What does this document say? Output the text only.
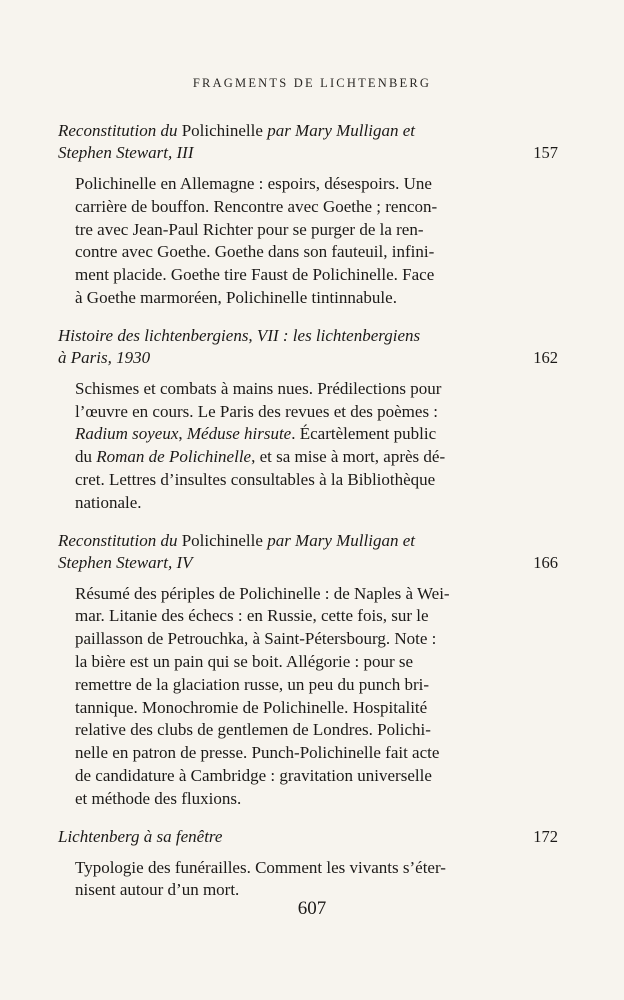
FRAGMENTS DE LICHTENBERG
Reconstitution du Polichinelle par Mary Mulligan et
Stephen Stewart, III	157
Polichinelle en Allemagne : espoirs, désespoirs. Une
carrière de bouffon. Rencontre avec Goethe ; rencon-
tre avec Jean-Paul Richter pour se purger de la ren-
contre avec Goethe. Goethe dans son fauteuil, infini-
ment placide. Goethe tire Faust de Polichinelle. Face
à Goethe marmoréen, Polichinelle tintinnabule.
Histoire des lichtenbergiens, VII : les lichtenbergiens
à Paris, 1930	162
Schismes et combats à mains nues. Prédilections pour
l’œuvre en cours. Le Paris des revues et des poèmes :
Radium soyeux, Méduse hirsute. Écartèlement public
du Roman de Polichinelle, et sa mise à mort, après dé-
cret. Lettres d’insultes consultables à la Bibliothèque
nationale.
Reconstitution du Polichinelle par Mary Mulligan et
Stephen Stewart, IV	166
Résumé des périples de Polichinelle : de Naples à Wei-
mar. Litanie des échecs : en Russie, cette fois, sur le
paillasson de Petrouchka, à Saint-Pétersbourg. Note :
la bière est un pain qui se boit. Allégorie : pour se
remettre de la glaciation russe, un peu du punch bri-
tannique. Monochromie de Polichinelle. Hospitalité
relative des clubs de gentlemen de Londres. Polichi-
nelle en patron de presse. Punch-Polichinelle fait acte
de candidature à Cambridge : gravitation universelle
et méthode des fluxions.
Lichtenberg à sa fenêtre	172
Typologie des funérailles. Comment les vivants s’éter-
nisent autour d’un mort.
607
